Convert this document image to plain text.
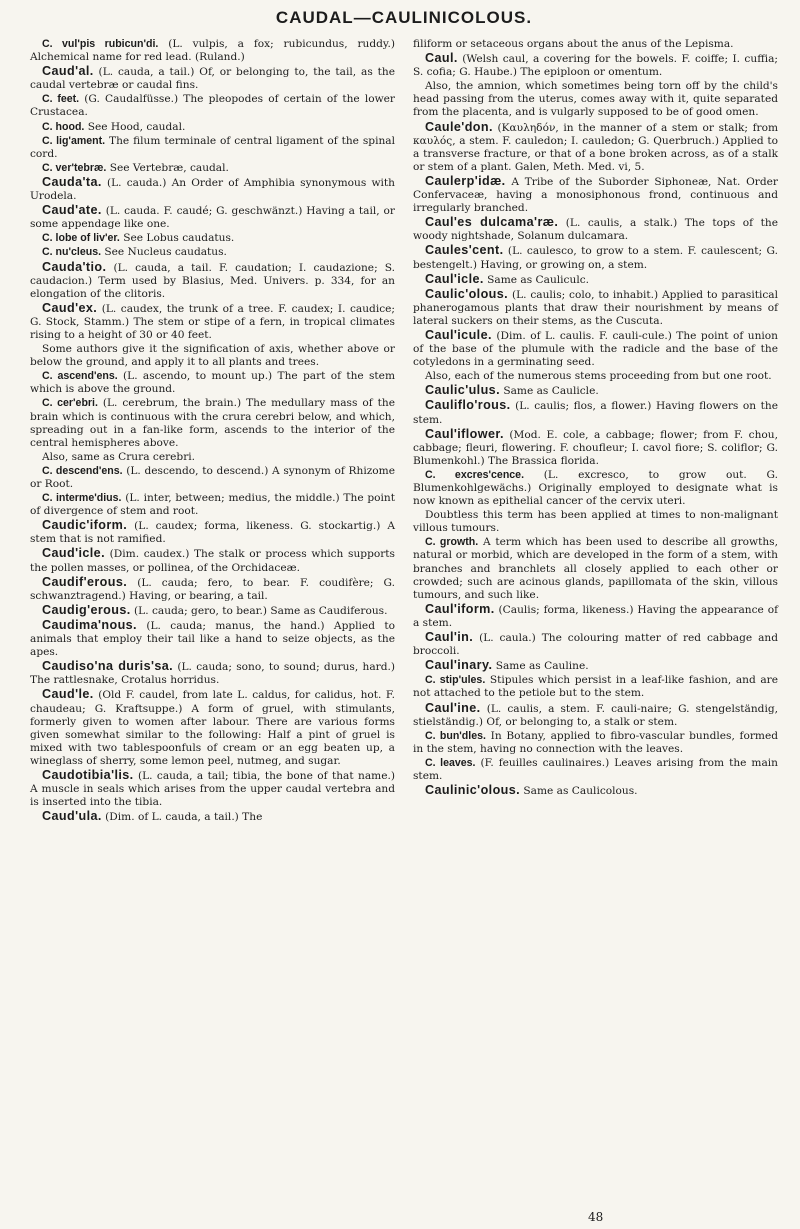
CAUDAL—CAULINICOLOUS.

C. vul'pis rubicun'di. (L. vulpis, a fox; rubicundus, ruddy.) Alchemical name for red lead. (Ruland.)

Caud'al. (L. cauda, a tail.) Of, or belonging to, the tail, as the caudal vertebræ or caudal fins.

C. feet. (G. Caudalfüsse.) The pleopodes of certain of the lower Crustacea.

C. hood. See Hood, caudal.

C. lig'ament. The filum terminale of central ligament of the spinal cord.

C. ver'tebræ. See Vertebræ, caudal.

Cauda'ta. (L. cauda.) An Order of Amphibia synonymous with Urodela.

Caud'ate. (L. cauda. F. caudé; G. geschwänzt.) Having a tail, or some appendage like one.

C. lobe of liv'er. See Lobus caudatus.

C. nu'cleus. See Nucleus caudatus.

Cauda'tio. (L. cauda, a tail. F. caudation; I. caudazione; S. caudacion.) Term used by Blasius, Med. Univers. p. 334, for an elongation of the clitoris.

Caud'ex. (L. caudex, the trunk of a tree. F. caudex; I. caudice; G. Stock, Stamm.) The stem or stipe of a fern, in tropical climates rising to a height of 30 or 40 feet.

Some authors give it the signification of axis, whether above or below the ground, and apply it to all plants and trees.

C. ascend'ens. (L. ascendo, to mount up.) The part of the stem which is above the ground.

C. cer'ebri. (L. cerebrum, the brain.) The medullary mass of the brain which is continuous with the crura cerebri below, and which, spreading out in a fan-like form, ascends to the interior of the central hemispheres above.

Also, same as Crura cerebri.

C. descend'ens. (L. descendo, to descend.) A synonym of Rhizome or Root.

C. interme'dius. (L. inter, between; medius, the middle.) The point of divergence of stem and root.

Caudic'iform. (L. caudex; forma, likeness. G. stockartig.) A stem that is not ramified.

Caud'icle. (Dim. caudex.) The stalk or process which supports the pollen masses, or pollinea, of the Orchidaceæ.

Caudif'erous. (L. cauda; fero, to bear. F. coudifère; G. schwanztragend.) Having, or bearing, a tail.

Caudig'erous. (L. cauda; gero, to bear.) Same as Caudiferous.

Caudima'nous. (L. cauda; manus, the hand.) Applied to animals that employ their tail like a hand to seize objects, as the apes.

Caudiso'na duris'sa. (L. cauda; sono, to sound; durus, hard.) The rattlesnake, Crotalus horridus.

Caud'le. (Old F. caudel, from late L. caldus, for calidus, hot. F. chaudeau; G. Kraftsuppe.) A form of gruel, with stimulants, formerly given to women after labour. There are various forms given somewhat similar to the following: Half a pint of gruel is mixed with two tablespoonfuls of cream or an egg beaten up, a wineglass of sherry, some lemon peel, nutmeg, and sugar.

Caudotibia'lis. (L. cauda, a tail; tibia, the bone of that name.) A muscle in seals which arises from the upper caudal vertebra and is inserted into the tibia.

Caud'ula. (Dim. of L. cauda, a tail.) The

filiform or setaceous organs about the anus of the Lepisma.

Caul. (Welsh caul, a covering for the bowels. F. coiffe; I. cuffia; S. cofia; G. Haube.) The epiploon or omentum.

Also, the amnion, which sometimes being torn off by the child's head passing from the uterus, comes away with it, quite separated from the placenta, and is vulgarly supposed to be of good omen.

Caule'don. (Καυληδόν, in the manner of a stem or stalk; from καυλός, a stem. F. cauledon; I. cauledon; G. Querbruch.) Applied to a transverse fracture, or that of a bone broken across, as of a stalk or stem of a plant. Galen, Meth. Med. vi, 5.

Caulerp'idæ. A Tribe of the Suborder Siphoneæ, Nat. Order Confervaceæ, having a monosiphonous frond, continuous and irregularly branched.

Caul'es dulcama'ræ. (L. caulis, a stalk.) The tops of the woody nightshade, Solanum dulcamara.

Caules'cent. (L. caulesco, to grow to a stem. F. caulescent; G. bestengelt.) Having, or growing on, a stem.

Caul'icle. Same as Cauliculc.

Caulic'olous. (L. caulis; colo, to inhabit.) Applied to parasitical phanerogamous plants that draw their nourishment by means of lateral suckers on their stems, as the Cuscuta.

Caul'icule. (Dim. of L. caulis. F. cauli-cule.) The point of union of the base of the plumule with the radicle and the base of the cotyledons in a germinating seed.

Also, each of the numerous stems proceeding from but one root.

Caulic'ulus. Same as Caulicle.

Cauliflo'rous. (L. caulis; flos, a flower.) Having flowers on the stem.

Caul'iflower. (Mod. E. cole, a cabbage; flower; from F. chou, cabbage; fleuri, flowering. F. choufleur; I. cavol fiore; S. coliflor; G. Blumenkohl.) The Brassica florida.

C. excres'cence. (L. excresco, to grow out. G. Blumenkohlgewächs.) Originally employed to designate what is now known as epithelial cancer of the cervix uteri.

Doubtless this term has been applied at times to non-malignant villous tumours.

C. growth. A term which has been used to describe all growths, natural or morbid, which are developed in the form of a stem, with branches and branchlets all closely applied to each other or crowded; such are acinous glands, papillomata of the skin, villous tumours, and such like.

Caul'iform. (Caulis; forma, likeness.) Having the appearance of a stem.

Caul'in. (L. caula.) The colouring matter of red cabbage and broccoli.

Caul'inary. Same as Cauline.

C. stip'ules. Stipules which persist in a leaf-like fashion, and are not attached to the petiole but to the stem.

Caul'ine. (L. caulis, a stem. F. cauli-naire; G. stengelständig, stielständig.) Of, or belonging to, a stalk or stem.

C. bun'dles. In Botany, applied to fibro-vascular bundles, formed in the stem, having no connection with the leaves.

C. leaves. (F. feuilles caulinaires.) Leaves arising from the main stem.

Caulinic'olous. Same as Caulicolous.

48
